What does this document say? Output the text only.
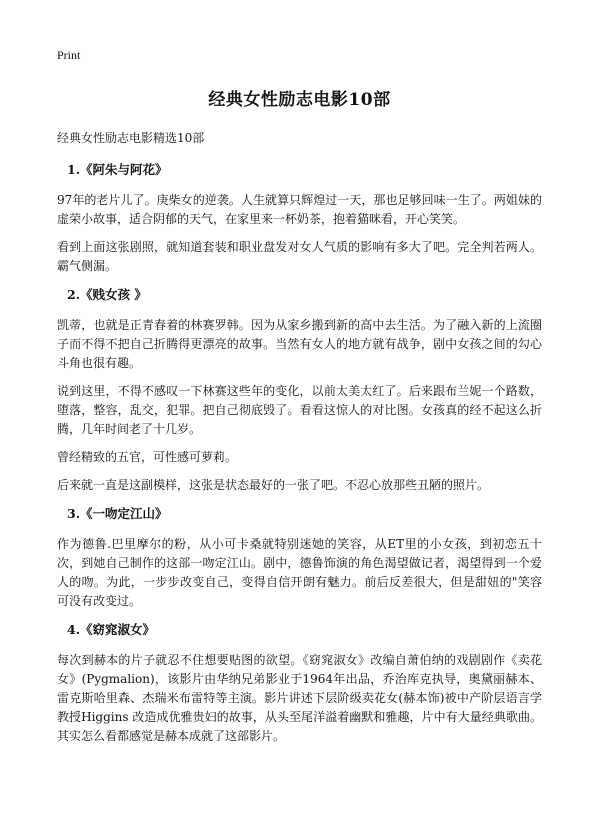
Print
经典女性励志电影10部
经典女性励志电影精选10部
1.《阿朱与阿花》

97年的老片儿了。庚柴女的逆袭。人生就算只辉煌过一天，那也足够回味一生了。两姐妹的虚荣小故事，适合阴郁的天气，在家里来一杯奶茶，抱着猫咪看，开心笑笑。

看到上面这张剧照，就知道套装和职业盘发对女人气质的影响有多大了吧。完全判若两人。霸气侧漏。

2.《贱女孩 》

凯蒂，也就是正青春着的林赛罗韩。因为从家乡搬到新的高中去生活。为了融入新的上流圈子而不得不把自己折腾得更漂亮的故事。当然有女人的地方就有战争，剧中女孩之间的勾心斗角也很有趣。

说到这里，不得不感叹一下林赛这些年的变化，以前太美太红了。后来跟布兰妮一个路数，堕落，整容，乱交，犯罪。把自己彻底毁了。看看这惊人的对比图。女孩真的经不起这么折腾，几年时间老了十几岁。

曾经精致的五官，可性感可萝莉。

后来就一直是这副模样，这张是状态最好的一张了吧。不忍心放那些丑陋的照片。

3.《一吻定江山》

作为德鲁.巴里摩尔的粉，从小可卡桑就特别迷她的笑容，从ET里的小女孩，到初恋五十次，到她自己制作的这部一吻定江山。剧中，德鲁饰演的角色渴望做记者，渴望得到一个爱人的吻。为此，一步步改变自己，变得自信开朗有魅力。前后反差很大，但是甜妞的"笑容可没有改变过。

4.《窈窕淑女》

每次到赫本的片子就忍不住想要贴图的欲望。《窈窕淑女》改编自萧伯纳的戏剧剧作《卖花女》(Pygmalion)，该影片由华纳兄弟影业于1964年出品，乔治库克执导，奥黛丽赫本、雷克斯哈里森、杰瑞米布雷特等主演。影片讲述下层阶级卖花女(赫本饰)被中产阶层语言学教授Higgins 改造成优雅贵妇的故事，从头至尾洋溢着幽默和雅趣，片中有大量经典歌曲。其实怎么看都感觉是赫本成就了这部影片。
